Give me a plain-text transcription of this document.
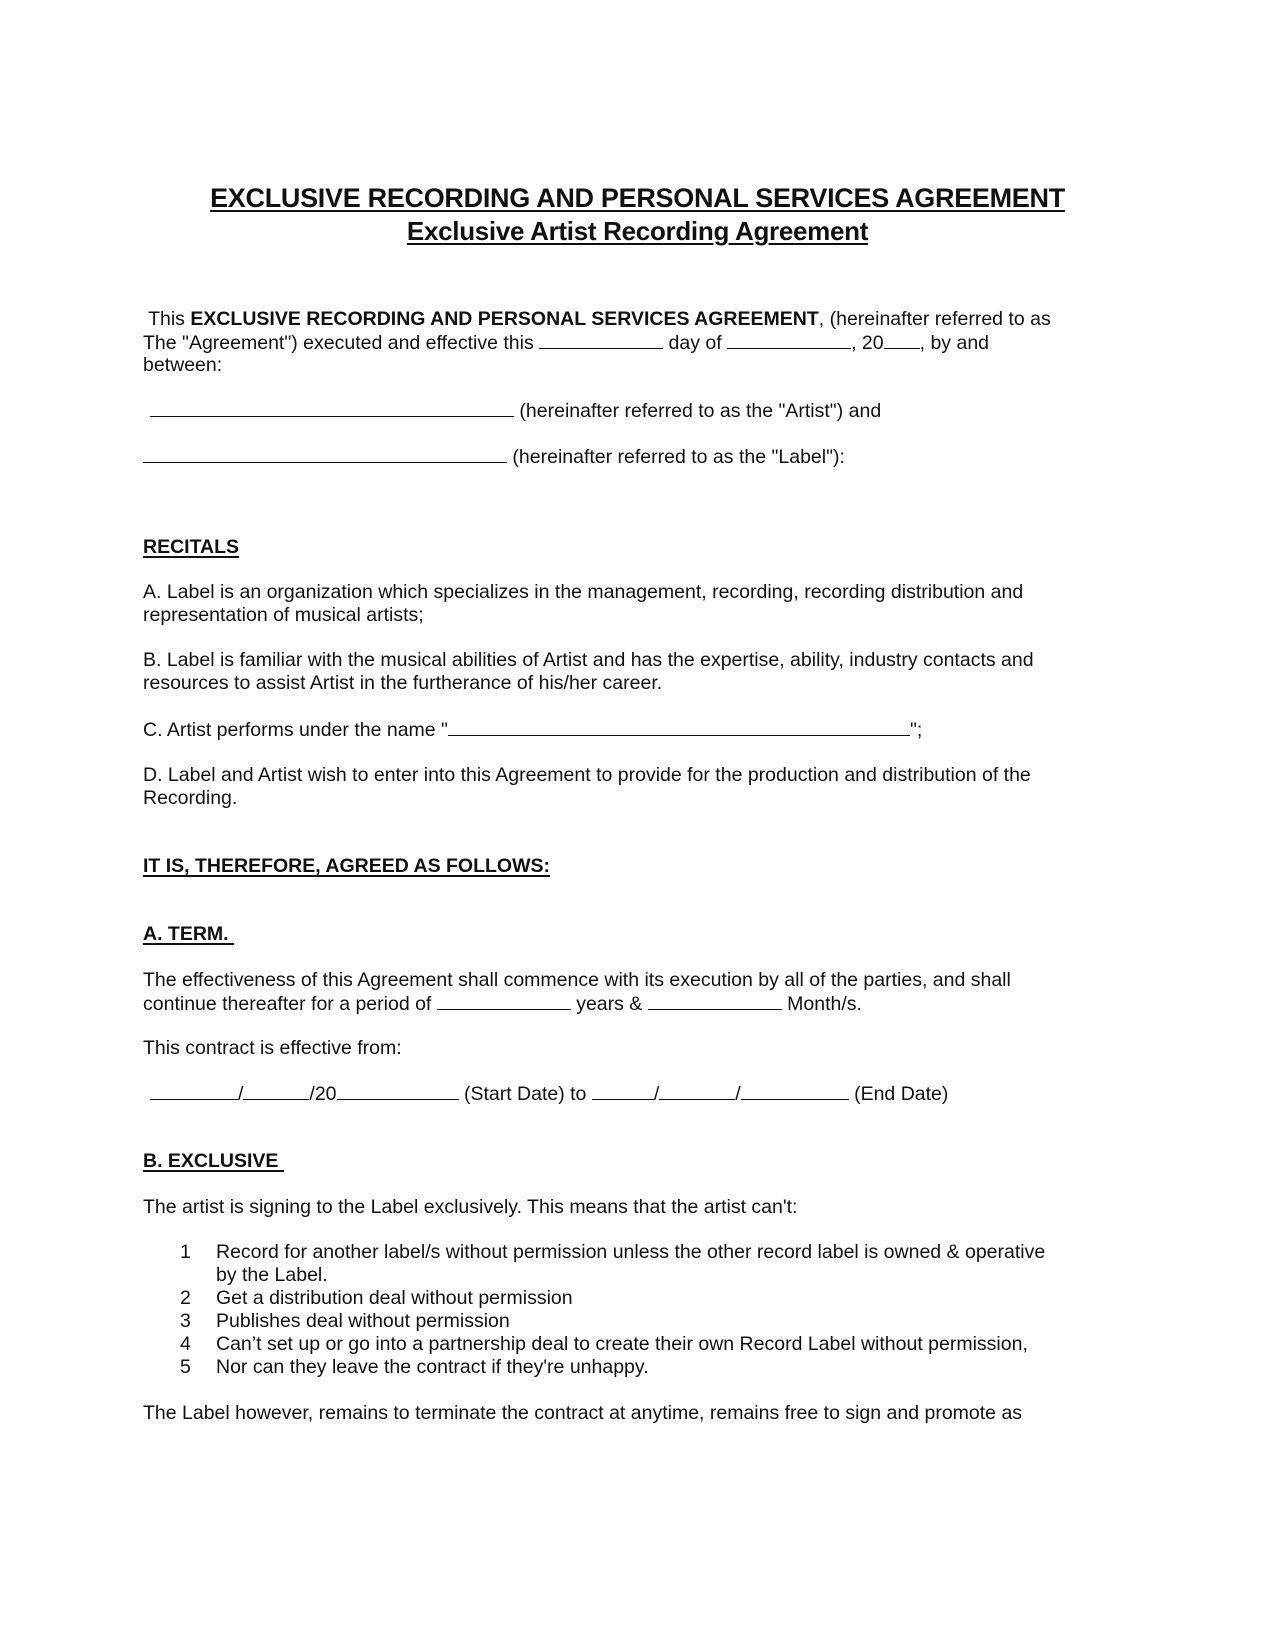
EXCLUSIVE RECORDING AND PERSONAL SERVICES AGREEMENT
Exclusive Artist Recording Agreement
This EXCLUSIVE RECORDING AND PERSONAL SERVICES AGREEMENT, (hereinafter referred to as
The "Agreement") executed and effective this	day of	, 20 , by and
between:
(hereinafter referred to as the "Artist") and
(hereinafter referred to as the "Label"):
RECITALS
A. Label is an organization which specializes in the management, recording, recording distribution and
representation of musical artists;
B. Label is familiar with the musical abilities of Artist and has the expertise, ability, industry contacts and
resources to assist Artist in the furtherance of his/her career.
C. Artist performs under the name "	";
D. Label and Artist wish to enter into this Agreement to provide for the production and distribution of the
Recording.
IT IS, THEREFORE, AGREED AS FOLLOWS:
A. TERM.
The effectiveness of this Agreement shall commence with its execution by all of the parties, and shall
continue thereafter for a period of	years &	Month/s.
This contract is effective from:
/	/20	(Start Date) to	/	/	(End Date)
B. EXCLUSIVE
The artist is signing to the Label exclusively. This means that the artist can't:
1 Record for another label/s without permission unless the other record label is owned & operative
by the Label.
2 Get a distribution deal without permission
3 Publishes deal without permission
4 Can’t set up or go into a partnership deal to create their own Record Label without permission,
5 Nor can they leave the contract if they're unhappy.
The Label however, remains to terminate the contract at anytime, remains free to sign and promote as
